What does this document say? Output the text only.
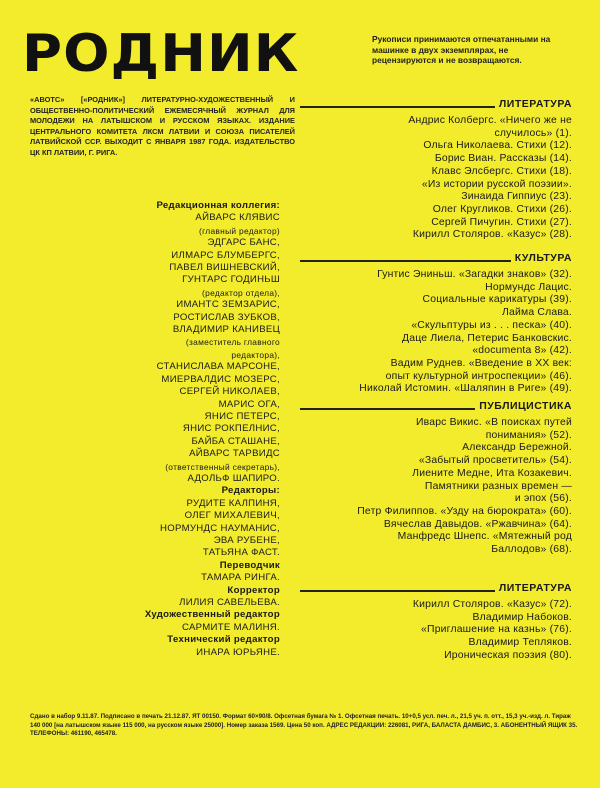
РОДНИК	Рукописи принимаются отпечатанными на машинке в двух экземплярах, не рецензируются и не возвращаются.
«АВОТС» [«РОДНИК»] ЛИТЕРАТУРНО-ХУДОЖЕСТВЕННЫЙ И ОБЩЕСТВЕННО-ПОЛИТИЧЕСКИЙ ЕЖЕМЕСЯЧНЫЙ ЖУРНАЛ ДЛЯ МОЛОДЕЖИ НА ЛАТЫШСКОМ И РУССКОМ ЯЗЫКАХ. ИЗДАНИЕ ЦЕНТРАЛЬНОГО КОМИТЕТА ЛКСМ ЛАТВИИ И СОЮЗА ПИСАТЕЛЕЙ ЛАТВИЙСКОЙ ССР. ВЫХОДИТ С ЯНВАРЯ 1987 ГОДА. ИЗДАТЕЛЬСТВО ЦК КП ЛАТВИИ, Г. РИГА.
Редакционная коллегия:
АЙВАРС КЛЯВИС
(главный редактор)
ЭДГАРС БАНС,
ИЛМАРС БЛУМБЕРГС,
ПАВЕЛ ВИШНЕВСКИЙ,
ГУНТАРС ГОДИНЬШ
(редактор отдела),
ИМАНТС ЗЕМЗАРИС,
РОСТИСЛАВ ЗУБКОВ,
ВЛАДИМИР КАНИВЕЦ
(заместитель главного
редактора),
СТАНИСЛАВА МАРСОНЕ,
МИЕРВАЛДИС МОЗЕРС,
СЕРГЕЙ НИКОЛАЕВ,
МАРИС ОГА,
ЯНИС ПЕТЕРС,
ЯНИС РОКПЕЛНИС,
БАЙБА СТАШАНЕ,
АЙВАРС ТАРВИДС
(ответственный секретарь),
АДОЛЬФ ШАПИРО.
Редакторы:
РУДИТЕ КАЛПИНЯ,
ОЛЕГ МИХАЛЕВИЧ,
НОРМУНДС НАУМАНИС,
ЭВА РУБЕНЕ,
ТАТЬЯНА ФАСТ.
Переводчик
ТАМАРА РИНГА.
Корректор
ЛИЛИЯ САВЕЛЬЕВА.
Художественный редактор
САРМИТЕ МАЛИНЯ.
Технический редактор
ИНАРА ЮРЬЯНЕ.
ЛИТЕРАТУРА
Андрис Колбергс. «Ничего же не
случилось» (1).
Ольга Николаева. Стихи (12).
Борис Виан. Рассказы (14).
Клавс Элсбергс. Стихи (18).
«Из истории русской поэзии».
Зинаида Гиппиус (23).
Олег Кругликов. Стихи (26).
Сергей Пичугин. Стихи (27).
Кирилл Столяров. «Казус» (28).
КУЛЬТУРА
Гунтис Эниньш. «Загадки знаков» (32).
Нормундс Лацис.
Социальные карикатуры (39).
Лайма Слава.
«Скульптуры из . . . песка» (40).
Даце Лиела, Петерис Банковскис.
«documenta 8» (42).
Вадим Руднев. «Введение в XX век:
опыт культурной интроспекции» (46).
Николай Истомин. «Шаляпин в Риге» (49).
ПУБЛИЦИСТИКА
Иварс Викис. «В поисках путей
понимания» (52).
Александр Бережной.
«Забытый просветитель» (54).
Лиените Медне, Ита Козакевич.
Памятники разных времен —
и эпох (56).
Петр Филиппов. «Узду на бюрократа» (60).
Вячеслав Давыдов. «Ржавчина» (64).
Манфредс Шнепс. «Мятежный род
Баллодов» (68).
ЛИТЕРАТУРА
Кирилл Столяров. «Казус» (72).
Владимир Набоков.
«Приглашение на казнь» (76).
Владимир Тепляков.
Ироническая поэзия (80).
Сдано в набор 9.11.87. Подписано в печать 21.12.87. ЯТ 00150. Формат 60×90/8. Офсетная бумага № 1. Офсетная печать. 10+0,5 усл. печ. л., 21,5 уч. п. отт., 15,3 уч.-изд. л. Тираж 140 000 [на латышском языке 115 000, на русском языке 25000]. Номер заказа 1569. Цена 50 коп. АДРЕС РЕДАКЦИИ: 226081, РИГА, БАЛАСТА ДАМБИС, 3. АБОНЕНТНЫЙ ЯЩИК 35. ТЕЛЕФОНЫ: 461190, 465478.
